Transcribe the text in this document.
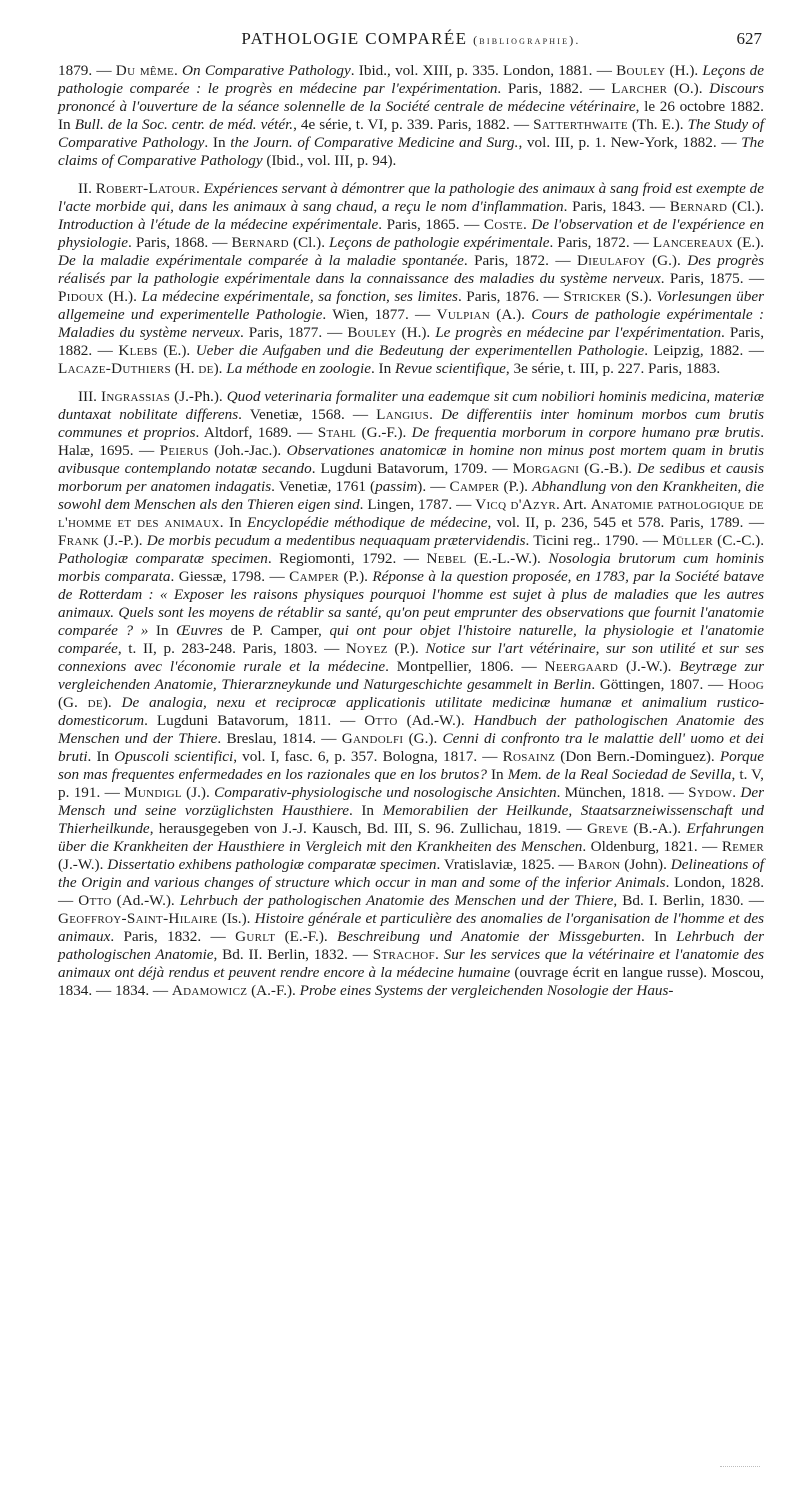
PATHOLOGIE COMPARÉE (bibliographie).	627

1879. — Du même. On Comparative Pathology. Ibid., vol. XIII, p. 335. London, 1881. — Bouley (H.). Leçons de pathologie comparée : le progrès en médecine par l'expérimentation. Paris, 1882. — Larcher (O.). Discours prononcé à l'ouverture de la séance solennelle de la Société centrale de médecine vétérinaire, le 26 octobre 1882. In Bull. de la Soc. centr. de méd. vétér., 4e série, t. VI, p. 339. Paris, 1882. — Satterthwaite (Th. E.). The Study of Comparative Pathology. In the Journ. of Comparative Medicine and Surg., vol. III, p. 1. New-York, 1882. — The claims of Comparative Pathology (Ibid., vol. III, p. 94).

II. Robert-Latour. Expériences servant à démontrer que la pathologie des animaux à sang froid est exempte de l'acte morbide qui, dans les animaux à sang chaud, a reçu le nom d'inflammation. Paris, 1843. — Bernard (Cl.). Introduction à l'étude de la médecine expérimentale. Paris, 1865. — Coste. De l'observation et de l'expérience en physiologie. Paris, 1868. — Bernard (Cl.). Leçons de pathologie expérimentale. Paris, 1872. — Lancereaux (E.). De la maladie expérimentale comparée à la maladie spontanée. Paris, 1872. — Dieulafoy (G.). Des progrès réalisés par la pathologie expérimentale dans la connaissance des maladies du système nerveux. Paris, 1875. — Pidoux (H.). La médecine expérimentale, sa fonction, ses limites. Paris, 1876. — Stricker (S.). Vorlesungen über allgemeine und experimentelle Pathologie. Wien, 1877. — Vulpian (A.). Cours de pathologie expérimentale : Maladies du système nerveux. Paris, 1877. — Bouley (H.). Le progrès en médecine par l'expérimentation. Paris, 1882. — Klebs (E.). Ueber die Aufgaben und die Bedeutung der experimentellen Pathologie. Leipzig, 1882. — Lacaze-Duthiers (H. de). La méthode en zoologie. In Revue scientifique, 3e série, t. III, p. 227. Paris, 1883.

III. Ingrassias (J.-Ph.). Quod veterinaria formaliter una eademque sit cum nobiliori hominis medicina, materiæ duntaxat nobilitate differens. Venetiæ, 1568. — Langius. De differentiis inter hominum morbos cum brutis communes et proprios. Altdorf, 1689. — Stahl (G.-F.). De frequentia morborum in corpore humano præ brutis. Halæ, 1695. — Peierus (Joh.-Jac.). Observationes anatomicæ in homine non minus post mortem quam in brutis avibusque contemplando notatæ secando. Lugduni Batavorum, 1709. — Morgagni (G.-B.). De sedibus et causis morborum per anatomen indagatis. Venetiæ, 1761 (passim). — Camper (P.). Abhandlung von den Krankheiten, die sowohl dem Menschen als den Thieren eigen sind. Lingen, 1787. — Vicq d'Azyr. Art. Anatomie pathologique de l'homme et des animaux. In Encyclopédie méthodique de médecine, vol. II, p. 236, 545 et 578. Paris, 1789. — Frank (J.-P.). De morbis pecudum a medentibus nequaquam prætervidendis. Ticini reg.. 1790. — Müller (C.-C.). Pathologiæ comparatæ specimen. Regiomonti, 1792. — Nebel (E.-L.-W.). Nosologia brutorum cum hominis morbis comparata. Giessæ, 1798. — Camper (P.). Réponse à la question proposée, en 1783, par la Société batave de Rotterdam : « Exposer les raisons physiques pourquoi l'homme est sujet à plus de maladies que les autres animaux. Quels sont les moyens de rétablir sa santé, qu'on peut emprunter des observations que fournit l'anatomie comparée ? » In Œuvres de P. Camper, qui ont pour objet l'histoire naturelle, la physiologie et l'anatomie comparée, t. II, p. 283-248. Paris, 1803. — Noyez (P.). Notice sur l'art vétérinaire, sur son utilité et sur ses connexions avec l'économie rurale et la médecine. Montpellier, 1806. — Neergaard (J.-W.). Beytræge zur vergleichenden Anatomie, Thierarzneykunde und Naturgeschichte gesammelt in Berlin. Göttingen, 1807. — Hoog (G. de). De analogia, nexu et reciprocæ applicationis utilitate medicinæ humanæ et animalium rustico-domesticorum. Lugduni Batavorum, 1811. — Otto (Ad.-W.). Handbuch der pathologischen Anatomie des Menschen und der Thiere. Breslau, 1814. — Gandolfi (G.). Cenni di confronto tra le malattie dell' uomo et dei bruti. In Opuscoli scientifici, vol. I, fasc. 6, p. 357. Bologna, 1817. — Rosainz (Don Bern.-Dominguez). Porque son mas frequentes enfermedades en los razionales que en los brutos? In Mem. de la Real Sociedad de Sevilla, t. V, p. 191. — Mundigl (J.). Comparativ-physiologische und nosologische Ansichten. München, 1818. — Sydow. Der Mensch und seine vorzüglichsten Hausthiere. In Memorabilien der Heilkunde, Staatsarzneiwissenschaft und Thierheilkunde, herausgegeben von J.-J. Kausch, Bd. III, S. 96. Zullichau, 1819. — Greve (B.-A.). Erfahrungen über die Krankheiten der Hausthiere in Vergleich mit den Krankheiten des Menschen. Oldenburg, 1821. — Remer (J.-W.). Dissertatio exhibens pathologiæ comparatæ specimen. Vratislaviæ, 1825. — Baron (John). Delineations of the Origin and various changes of structure which occur in man and some of the inferior Animals. London, 1828. — Otto (Ad.-W.). Lehrbuch der pathologischen Anatomie des Menschen und der Thiere, Bd. I. Berlin, 1830. — Geoffroy-Saint-Hilaire (Is.). Histoire générale et particulière des anomalies de l'organisation de l'homme et des animaux. Paris, 1832. — Gurlt (E.-F.). Beschreibung und Anatomie der Missgeburten. In Lehrbuch der pathologischen Anatomie, Bd. II. Berlin, 1832. — Strachof. Sur les services que la vétérinaire et l'anatomie des animaux ont déjà rendus et peuvent rendre encore à la médecine humaine (ouvrage écrit en langue russe). Moscou, 1834. — 1834. — Adamowicz (A.-F.). Probe eines Systems der vergleichenden Nosologie der Haus-
